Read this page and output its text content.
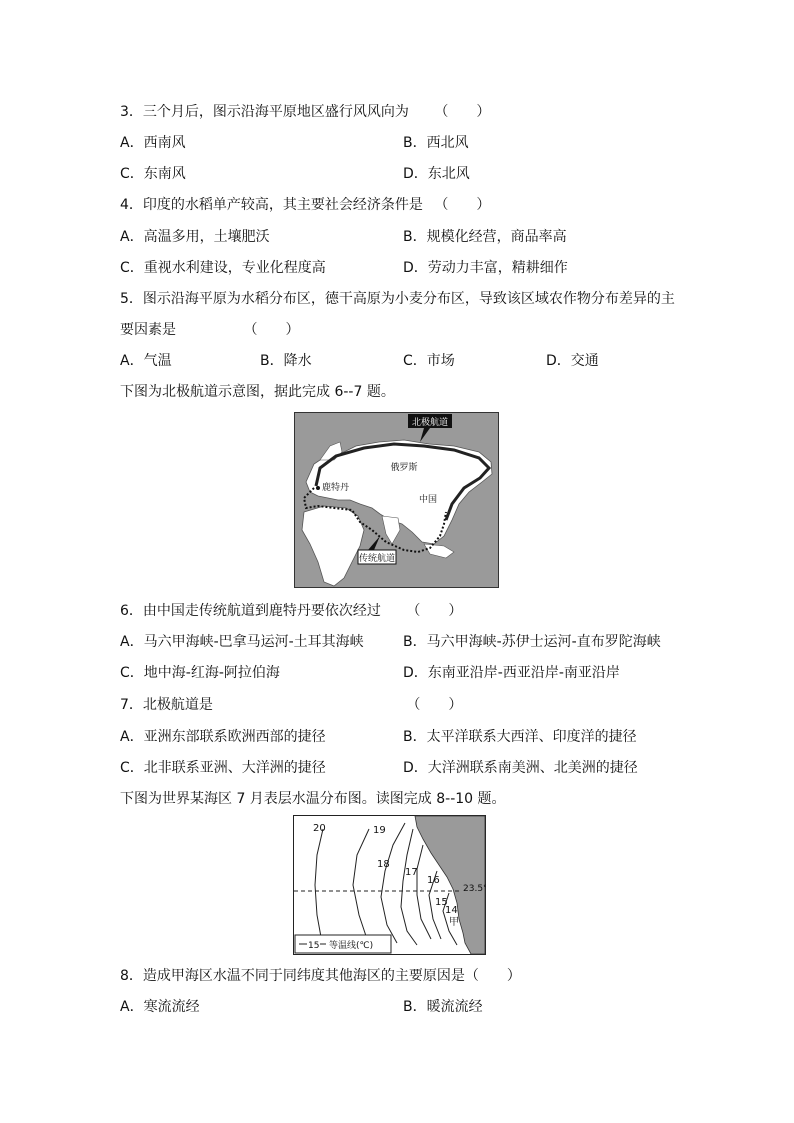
3．三个月后，图示沿海平原地区盛行风风向为 　　（　　）
A．西南风	B．西北风
C．东南风	D．东北风
4．印度的水稻单产较高，其主要社会经济条件是 　（　　）
A．高温多用，土壤肥沃	B．规模化经营，商品率高
C．重视水利建设，专业化程度高	D．劳动力丰富，精耕细作
5．图示沿海平原为水稻分布区，德干高原为小麦分布区，导致该区域农作物分布差异的主
要因素是 　　　　　（　　）
A．气温	B．降水	C．市场	D．交通
下图为北极航道示意图，据此完成 6--7 题。
北极航道
俄罗斯
鹿特丹
中国
传统航道
6．由中国走传统航道到鹿特丹要依次经过 　　（　　）
A．马六甲海峡-巴拿马运河-土耳其海峡	B．马六甲海峡-苏伊士运河-直布罗陀海峡
C．地中海-红海-阿拉伯海	D．东南亚沿岸-西亚沿岸-南亚沿岸
7．北极航道是 　　　　　　　　　　　　　　（　　）
A．亚洲东部联系欧洲西部的捷径	B．太平洋联系大西洋、印度洋的捷径
C．北非联系亚洲、大洋洲的捷径	D．大洋洲联系南美洲、北美洲的捷径
下图为世界某海区 7 月表层水温分布图。读图完成 8--10 题。
20	19
18
17
16
15
14
甲
23.5°
15 等温线(℃)
8．造成甲海区水温不同于同纬度其他海区的主要原因是（　　）
A．寒流流经	B．暖流流经
